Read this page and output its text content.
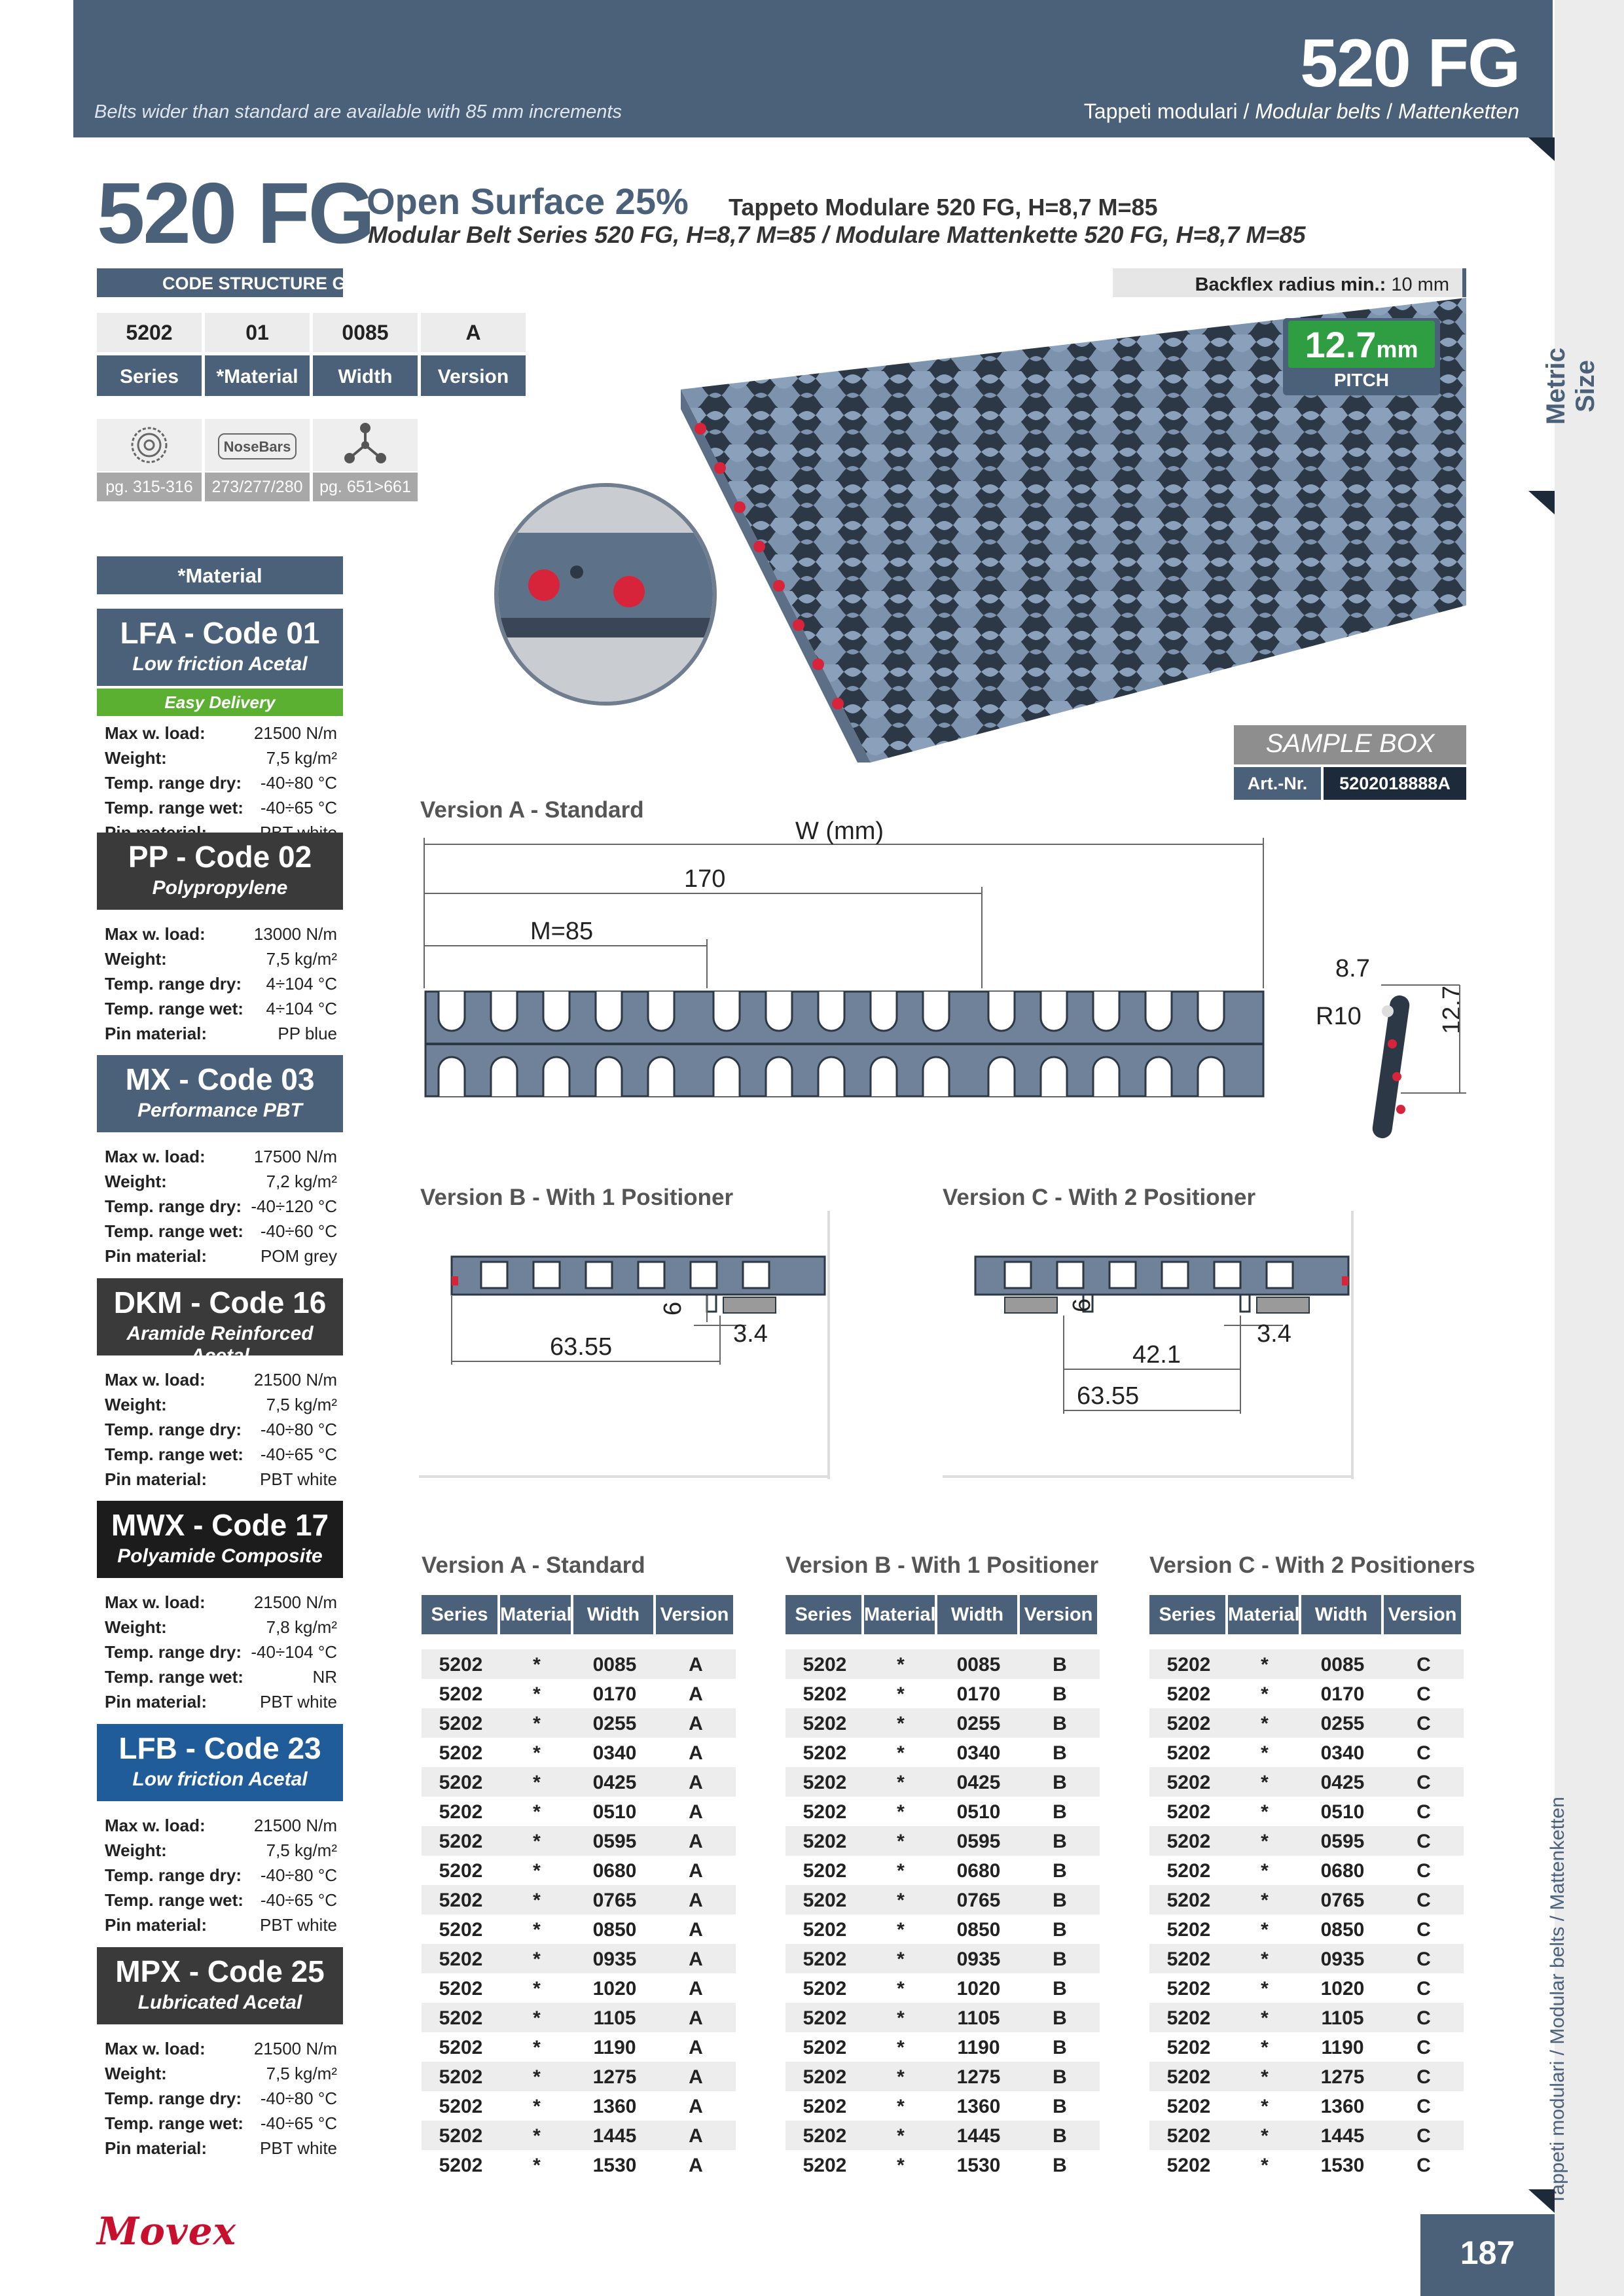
Belts wider than standard are available with 85 mm increments
520 FG
Tappeti modulari / Modular belts / Mattenketten
Metric Size
Tappeti modulari / Modular belts / Mattenketten
520 FG
Open Surface 25% Tappeto Modulare 520 FG, H=8,7 M=85
Modular Belt Series 520 FG, H=8,7 M=85 / Modulare Mattenkette 520 FG, H=8,7 M=85
CODE STRUCTURE GUIDE (Example)	Backflex radius min.: 10 mm
5202	01	0085	A
Series	*Material	Width	Version
NoseBars
pg. 315-316	273/277/280	pg. 651>661
*Material
LFA - Code 01
Low friction Acetal
Easy Delivery
Max w. load:	21500 N/m
Weight:	7,5 kg/m²
Temp. range dry: -40÷80 °C
Temp. range wet: -40÷65 °C
PP - Code 02
Polypropylene
Max w. load:	13000 N/m
Weight:	7,5 kg/m²
Temp. range dry: 4÷104 °C
Temp. range wet: 4÷104 °C
Pin material:	PP blue
MX - Code 03
Performance PBT
Max w. load:	17500 N/m
Weight:	7,2 kg/m²
Temp. range dry: -40÷120 °C
Temp. range wet: -40÷60 °C
Pin material:	POM grey
DKM - Code 16
Aramide Reinforced Acetal
Max w. load:	21500 N/m
Weight:	7,5 kg/m²
Temp. range dry: -40÷80 °C
Temp. range wet: -40÷65 °C
Pin material:	PBT white
MWX - Code 17
Polyamide Composite
Max w. load:	21500 N/m
Weight:	7,8 kg/m²
Temp. range dry: -40÷104 °C
Temp. range wet:	NR
Pin material:	PBT white
LFB - Code 23
Low friction Acetal
Max w. load:	21500 N/m
Weight:	7,5 kg/m²
Temp. range dry: -40÷80 °C
Temp. range wet: -40÷65 °C
Pin material:	PBT white
MPX - Code 25
Lubricated Acetal
Max w. load:	21500 N/m
Weight:	7,5 kg/m²
Temp. range dry: -40÷80 °C
Temp. range wet: -40÷65 °C
Pin material:	PBT white
12.7mm
PITCH
SAMPLE BOX
Art.-Nr.	5202018888A
Version A - Standard
W (mm)
170
M=85
8.7
R10	12.7
Version B - With 1 Positioner
63.55	3.4
6
Version C - With 2 Positioner
42.1
3.4
63.55
6
Version A - Standard
Series Material Width	Version
5202	*	0085	A
5202	*	0170	A
5202	*	0255	A
5202	*	0340	A
5202	*	0425	A
5202	*	0510	A
5202	*	0595	A
5202	*	0680	A
5202	*	0765	A
5202	*	0850	A
5202	*	0935	A
5202	*	1020	A
5202	*	1105	A
5202	*	1190	A
5202	*	1275	A
5202	*	1360	A
5202	*	1445	A
5202	*	1530	A
Version B - With 1 Positioner
Series Material Width	Version
5202	*	0085	B
5202	*	0170	B
5202	*	0255	B
5202	*	0340	B
5202	*	0425	B
5202	*	0510	B
5202	*	0595	B
5202	*	0680	B
5202	*	0765	B
5202	*	0850	B
5202	*	0935	B
5202	*	1020	B
5202	*	1105	B
5202	*	1190	B
5202	*	1275	B
5202	*	1360	B
5202	*	1445	B
5202	*	1530	B
Version C - With 2 Positioners
Series Material Width	Version
5202	*	0085	C
5202	*	0170	C
5202	*	0255	C
5202	*	0340	C
5202	*	0425	C
5202	*	0510	C
5202	*	0595	C
5202	*	0680	C
5202	*	0765	C
5202	*	0850	C
5202	*	0935	C
5202	*	1020	C
5202	*	1105	C
5202	*	1190	C
5202	*	1275	C
5202	*	1360	C
5202	*	1445	C
5202	*	1530	C
Movex	187
